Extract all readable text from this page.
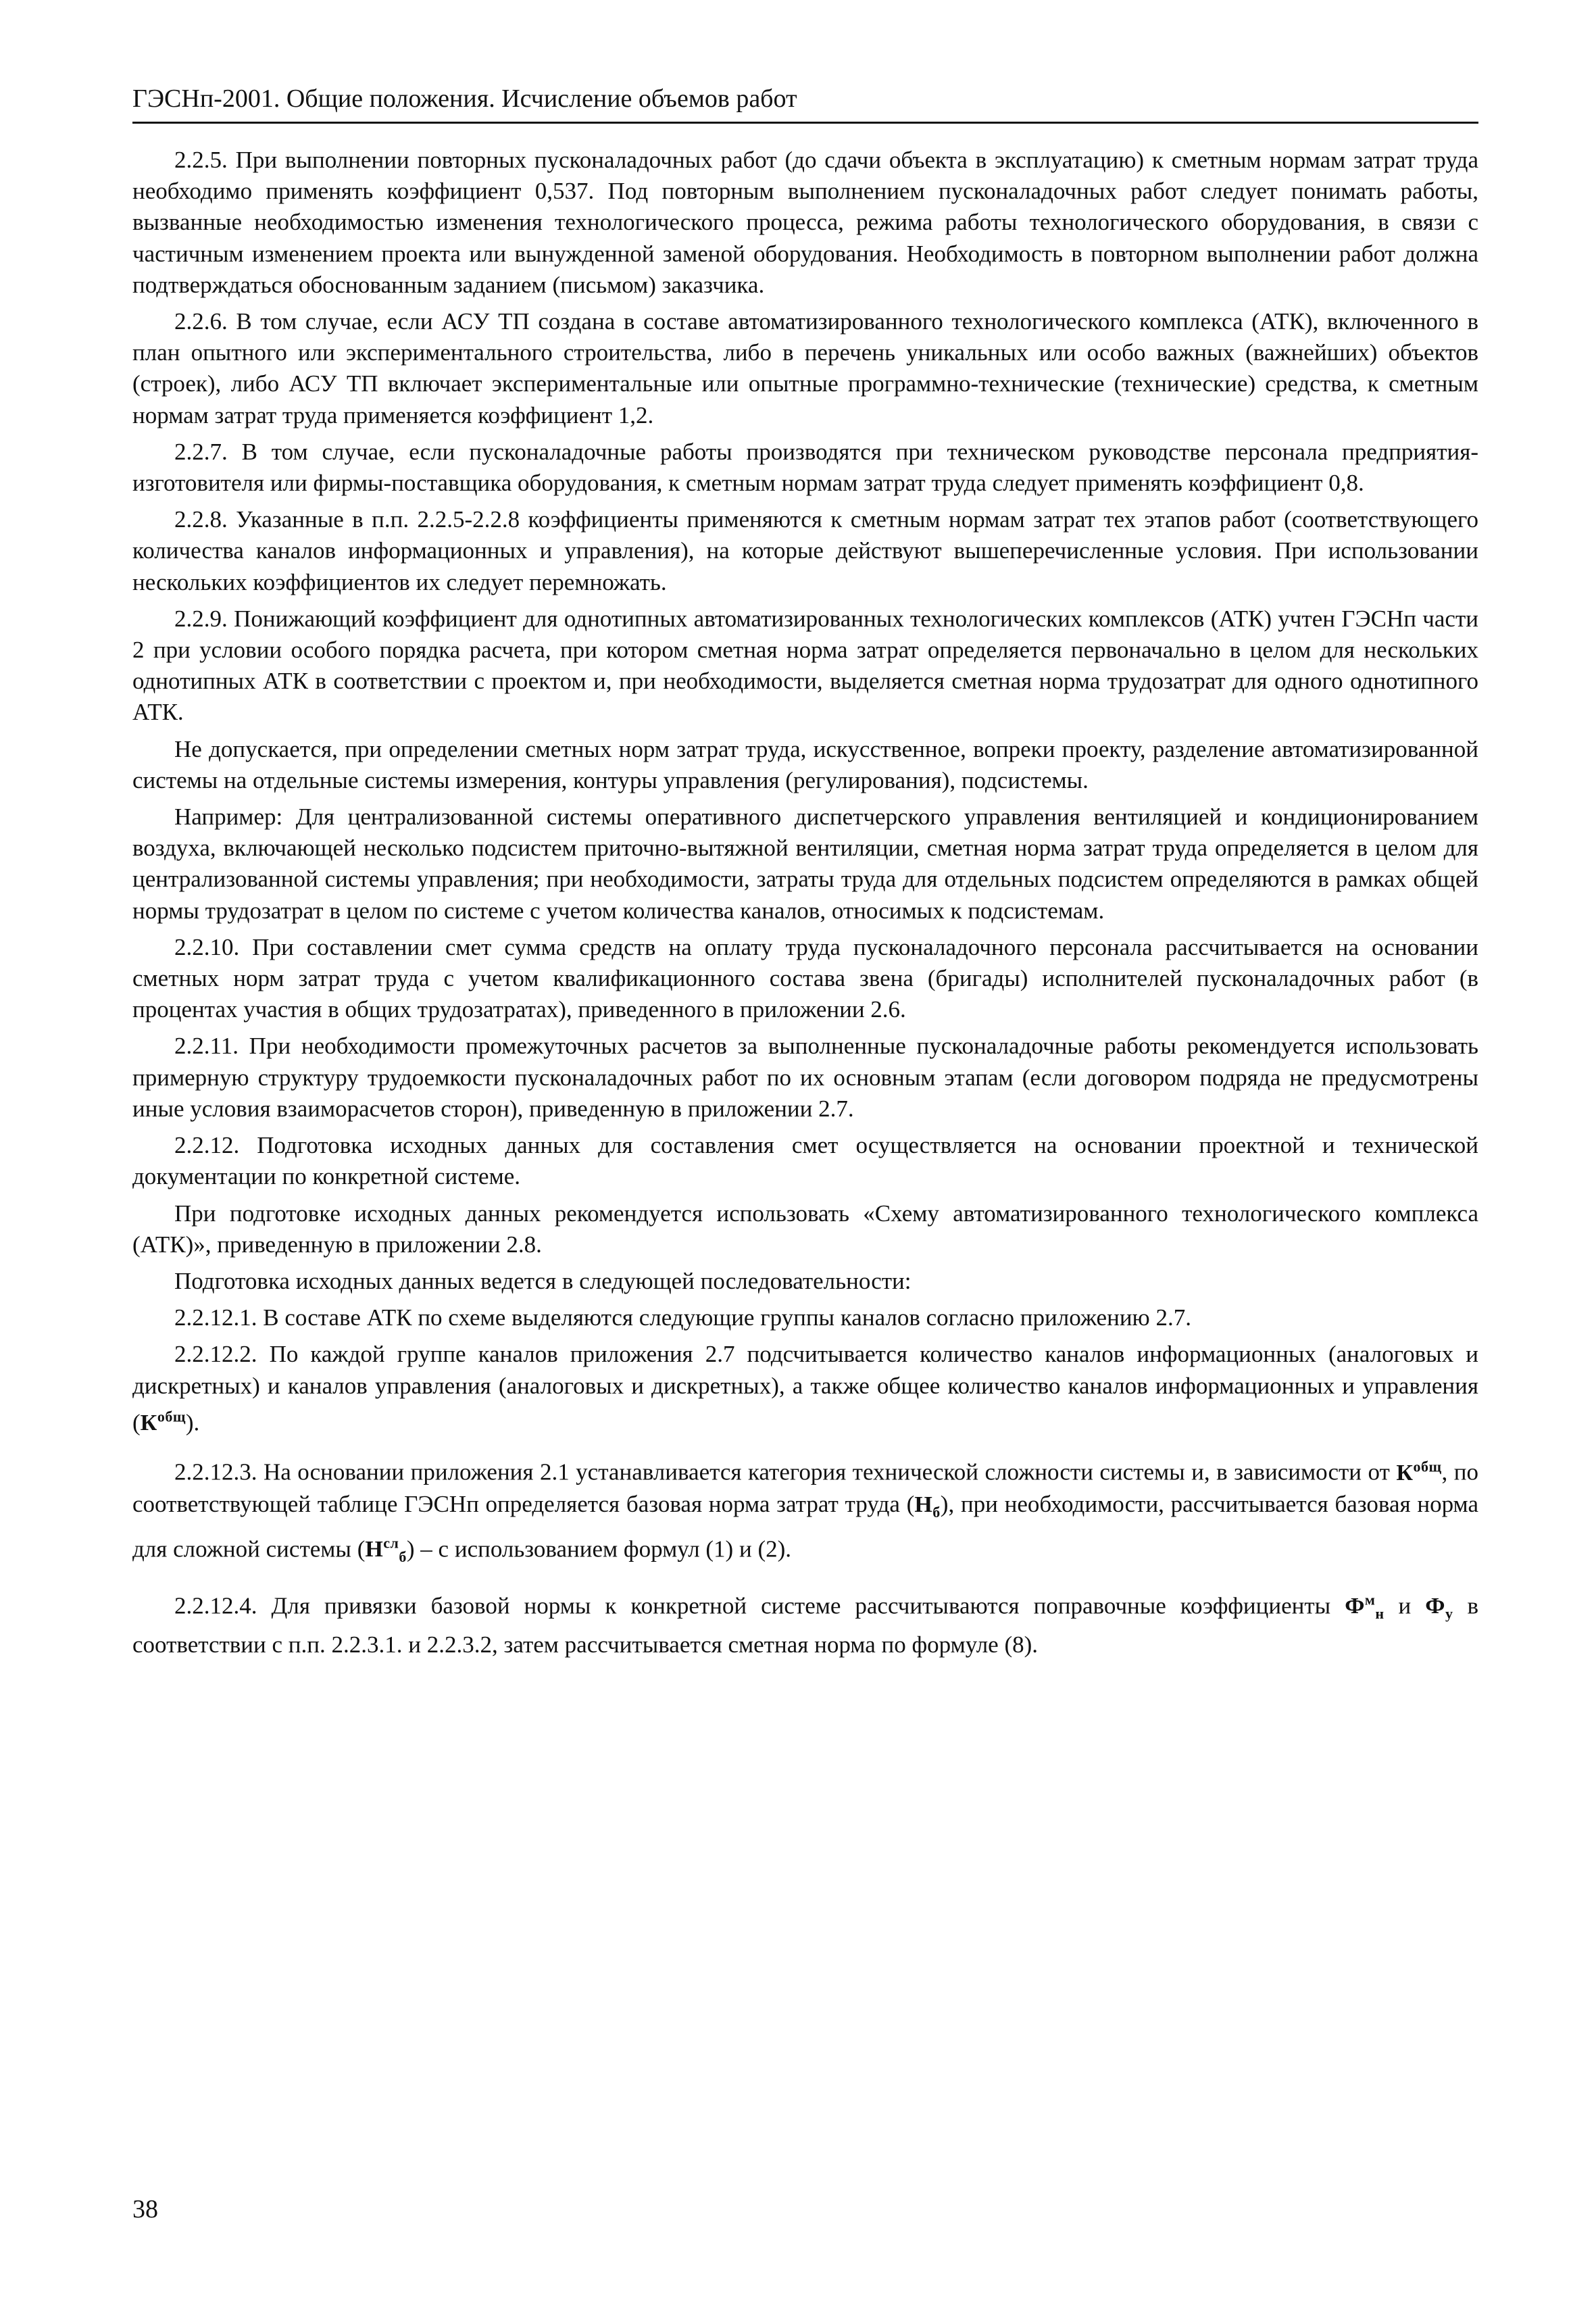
ГЭСНп-2001. Общие положения. Исчисление объемов работ

2.2.5. При выполнении повторных пусконаладочных работ (до сдачи объекта в эксплуатацию) к сметным нормам затрат труда необходимо применять коэффициент 0,537. Под повторным выполнением пусконаладочных работ следует понимать работы, вызванные необходимостью изменения технологического процесса, режима работы технологического оборудования, в связи с частичным изменением проекта или вынужденной заменой оборудования. Необходимость в повторном выполнении работ должна подтверждаться обоснованным заданием (письмом) заказчика.

2.2.6. В том случае, если АСУ ТП создана в составе автоматизированного технологического комплекса (АТК), включенного в план опытного или экспериментального строительства, либо в перечень уникальных или особо важных (важнейших) объектов (строек), либо АСУ ТП включает экспериментальные или опытные программно-технические (технические) средства, к сметным нормам затрат труда применяется коэффициент 1,2.

2.2.7. В том случае, если пусконаладочные работы производятся при техническом руководстве персонала предприятия-изготовителя или фирмы-поставщика оборудования, к сметным нормам затрат труда следует применять коэффициент 0,8.

2.2.8. Указанные в п.п. 2.2.5-2.2.8 коэффициенты применяются к сметным нормам затрат тех этапов работ (соответствующего количества каналов информационных и управления), на которые действуют вышеперечисленные условия. При использовании нескольких коэффициентов их следует перемножать.

2.2.9. Понижающий коэффициент для однотипных автоматизированных технологических комплексов (АТК) учтен ГЭСНп части 2 при условии особого порядка расчета, при котором сметная норма затрат определяется первоначально в целом для нескольких однотипных АТК в соответствии с проектом и, при необходимости, выделяется сметная норма трудозатрат для одного однотипного АТК.

Не допускается, при определении сметных норм затрат труда, искусственное, вопреки проекту, разделение автоматизированной системы на отдельные системы измерения, контуры управления (регулирования), подсистемы.

Например: Для централизованной системы оперативного диспетчерского управления вентиляцией и кондиционированием воздуха, включающей несколько подсистем приточно-вытяжной вентиляции, сметная норма затрат труда определяется в целом для централизованной системы управления; при необходимости, затраты труда для отдельных подсистем определяются в рамках общей нормы трудозатрат в целом по системе с учетом количества каналов, относимых к подсистемам.

2.2.10. При составлении смет сумма средств на оплату труда пусконаладочного персонала рассчитывается на основании сметных норм затрат труда с учетом квалификационного состава звена (бригады) исполнителей пусконаладочных работ (в процентах участия в общих трудозатратах), приведенного в приложении 2.6.

2.2.11. При необходимости промежуточных расчетов за выполненные пусконаладочные работы рекомендуется использовать примерную структуру трудоемкости пусконаладочных работ по их основным этапам (если договором подряда не предусмотрены иные условия взаиморасчетов сторон), приведенную в приложении 2.7.

2.2.12. Подготовка исходных данных для составления смет осуществляется на основании проектной и технической документации по конкретной системе.

При подготовке исходных данных рекомендуется использовать «Схему автоматизированного технологического комплекса (АТК)», приведенную в приложении 2.8.

Подготовка исходных данных ведется в следующей последовательности:

2.2.12.1. В составе АТК по схеме выделяются следующие группы каналов согласно приложению 2.7.

2.2.12.2. По каждой группе каналов приложения 2.7 подсчитывается количество каналов информационных (аналоговых и дискретных) и каналов управления (аналоговых и дискретных), а также общее количество каналов информационных и управления $(К^{общ})$.

2.2.12.3. На основании приложения 2.1 устанавливается категория технической сложности системы и, в зависимости от $К^{общ}$, по соответствующей таблице ГЭСНп определяется базовая норма затрат труда $(Н_б)$, при необходимости, рассчитывается базовая норма для сложной системы $(Н^{сл}_б)$ – с использованием формул (1) и (2).

2.2.12.4. Для привязки базовой нормы к конкретной системе рассчитываются поправочные коэффициенты $Ф^м_н$ и $Ф_у$ в соответствии с п.п. 2.2.3.1. и 2.2.3.2, затем рассчитывается сметная норма по формуле (8).

38
